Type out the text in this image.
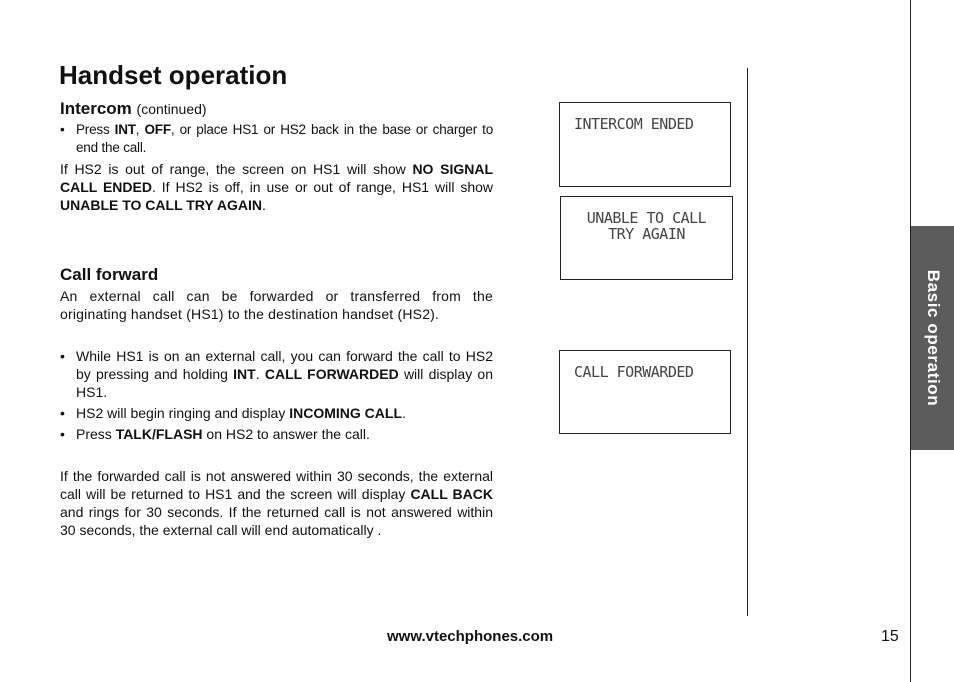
Handset operation
Intercom (continued)
• Press INT, OFF, or place HS1 or HS2 back in the base or charger to end the call.

If HS2 is out of range, the screen on HS1 will show NO SIGNAL CALL ENDED. If HS2 is off, in use or out of range, HS1 will show UNABLE TO CALL TRY AGAIN.

Call forward

An external call can be forwarded or transferred from the originating handset (HS1) to the destination handset (HS2).

• While HS1 is on an external call, you can forward the call to HS2 by pressing and holding INT. CALL FORWARDED will display on HS1.
• HS2 will begin ringing and display INCOMING CALL.
• Press TALK/FLASH on HS2 to answer the call.

If the forwarded call is not answered within 30 seconds, the external call will be returned to HS1 and the screen will display CALL BACK and rings for 30 seconds. If the returned call is not answered within 30 seconds, the external call will end automatically .

INTERCOM ENDED
UNABLE TO CALL
TRY AGAIN
CALL FORWARDED	Basic operation
www.vtechphones.com	15
